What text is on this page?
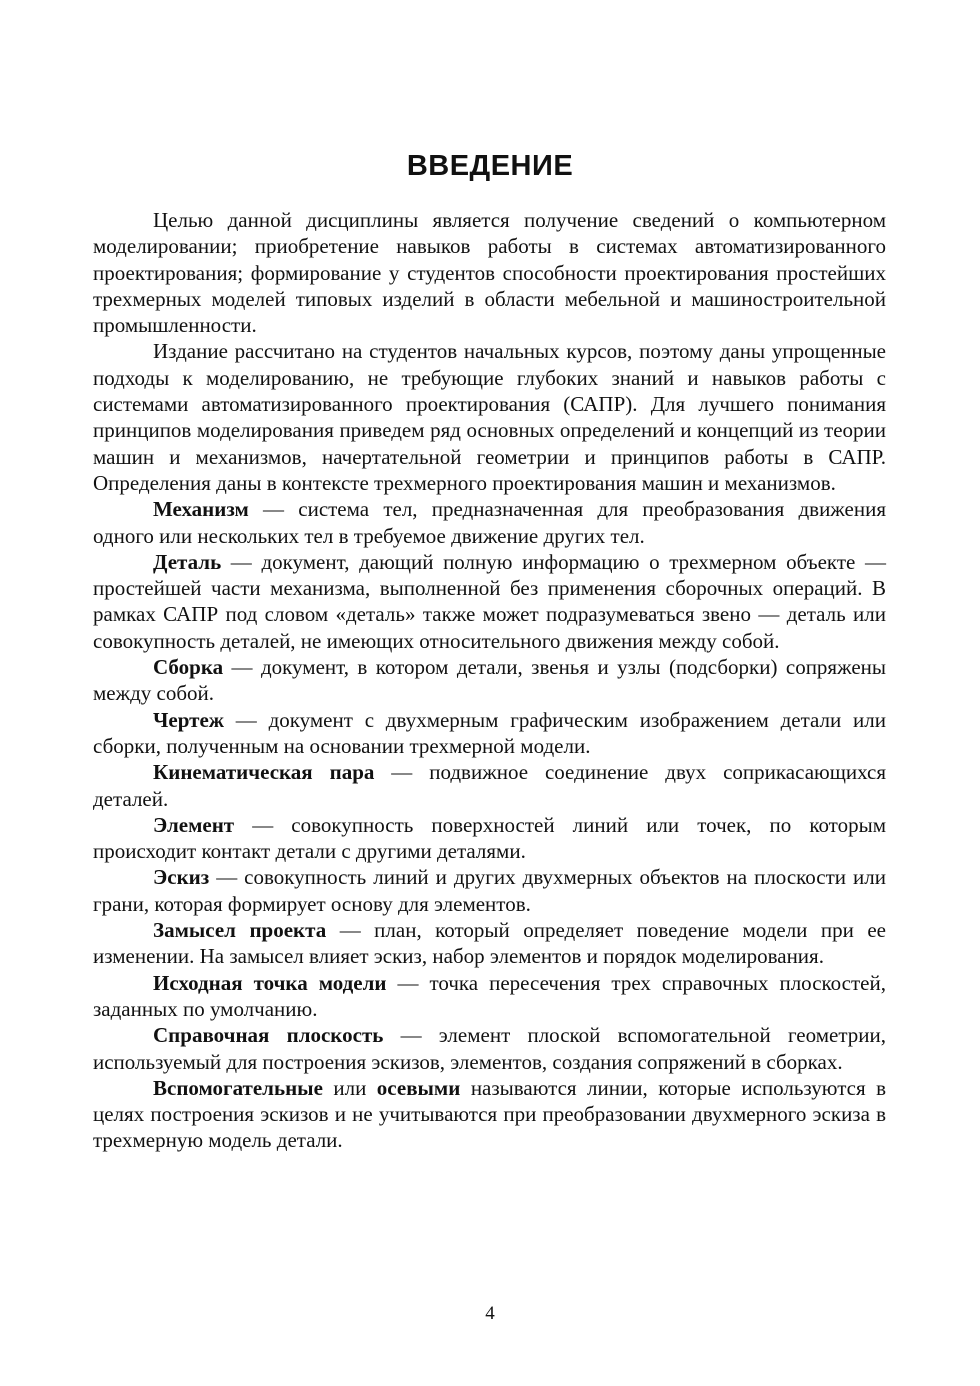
ВВЕДЕНИЕ

Целью данной дисциплины является получение сведений о компьютерном моделировании; приобретение навыков работы в системах автоматизированного проектирования; формирование у студентов способности проектирования простейших трехмерных моделей типовых изделий в области мебельной и машиностроительной промышленности.

Издание рассчитано на студентов начальных курсов, поэтому даны упрощенные подходы к моделированию, не требующие глубоких знаний и навыков работы с системами автоматизированного проектирования (САПР). Для лучшего понимания принципов моделирования приведем ряд основных определений и концепций из теории машин и механизмов, начертательной геометрии и принципов работы в САПР. Определения даны в контексте трехмерного проектирования машин и механизмов.

Механизм — система тел, предназначенная для преобразования движения одного или нескольких тел в требуемое движение других тел.

Деталь — документ, дающий полную информацию о трехмерном объекте — простейшей части механизма, выполненной без применения сборочных операций. В рамках САПР под словом «деталь» также может подразумеваться звено — деталь или совокупность деталей, не имеющих относительного движения между собой.

Сборка — документ, в котором детали, звенья и узлы (подсборки) сопряжены между собой.

Чертеж — документ с двухмерным графическим изображением детали или сборки, полученным на основании трехмерной модели.

Кинематическая пара — подвижное соединение двух соприкасающихся деталей.

Элемент — совокупность поверхностей линий или точек, по которым происходит контакт детали с другими деталями.

Эскиз — совокупность линий и других двухмерных объектов на плоскости или грани, которая формирует основу для элементов.

Замысел проекта — план, который определяет поведение модели при ее изменении. На замысел влияет эскиз, набор элементов и порядок моделирования.

Исходная точка модели — точка пересечения трех справочных плоскостей, заданных по умолчанию.

Справочная плоскость — элемент плоской вспомогательной геометрии, используемый для построения эскизов, элементов, создания сопряжений в сборках.

Вспомогательные или осевыми называются линии, которые используются в целях построения эскизов и не учитываются при преобразовании двухмерного эскиза в трехмерную модель детали.

4
